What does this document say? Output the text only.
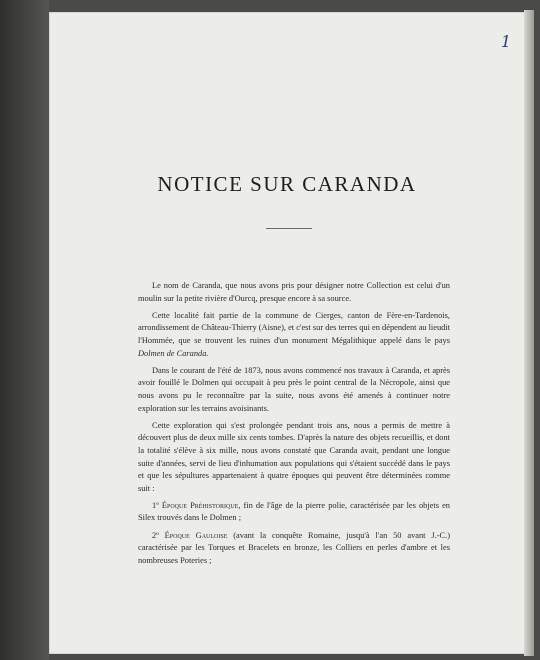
1
NOTICE SUR CARANDA

Le nom de Caranda, que nous avons pris pour désigner notre Collection est celui d'un moulin sur la petite rivière d'Ourcq, presque encore à sa source.

Cette localité fait partie de la commune de Cierges, canton de Fère-en-Tardenois, arrondissement de Château-Thierry (Aisne), et c'est sur des terres qui en dépendent au lieudit l'Hommée, que se trouvent les ruines d'un monument Mégalithique appelé dans le pays Dolmen de Caranda.

Dans le courant de l'été de 1873, nous avons commencé nos travaux à Caranda, et après avoir fouillé le Dolmen qui occupait à peu près le point central de la Nécropole, ainsi que nous avons pu le reconnaître par la suite, nous avons été amenés à continuer notre exploration sur les terrains avoisinants.

Cette exploration qui s'est prolongée pendant trois ans, nous a permis de mettre à découvert plus de deux mille six cents tombes. D'après la nature des objets recueillis, et dont la totalité s'élève à six mille, nous avons constaté que Caranda avait, pendant une longue suite d'années, servi de lieu d'inhumation aux populations qui s'étaient succédé dans le pays et que les sépultures appartenaient à quatre époques qui peuvent être déterminées comme suit :

1º Époque Préhistorique, fin de l'âge de la pierre polie, caractérisée par les objets en Silex trouvés dans le Dolmen ;

2º Époque Gauloise (avant la conquête Romaine, jusqu'à l'an 50 avant J.-C.) caractérisée par les Torques et Bracelets en bronze, les Colliers en perles d'ambre et les nombreuses Poteries ;
